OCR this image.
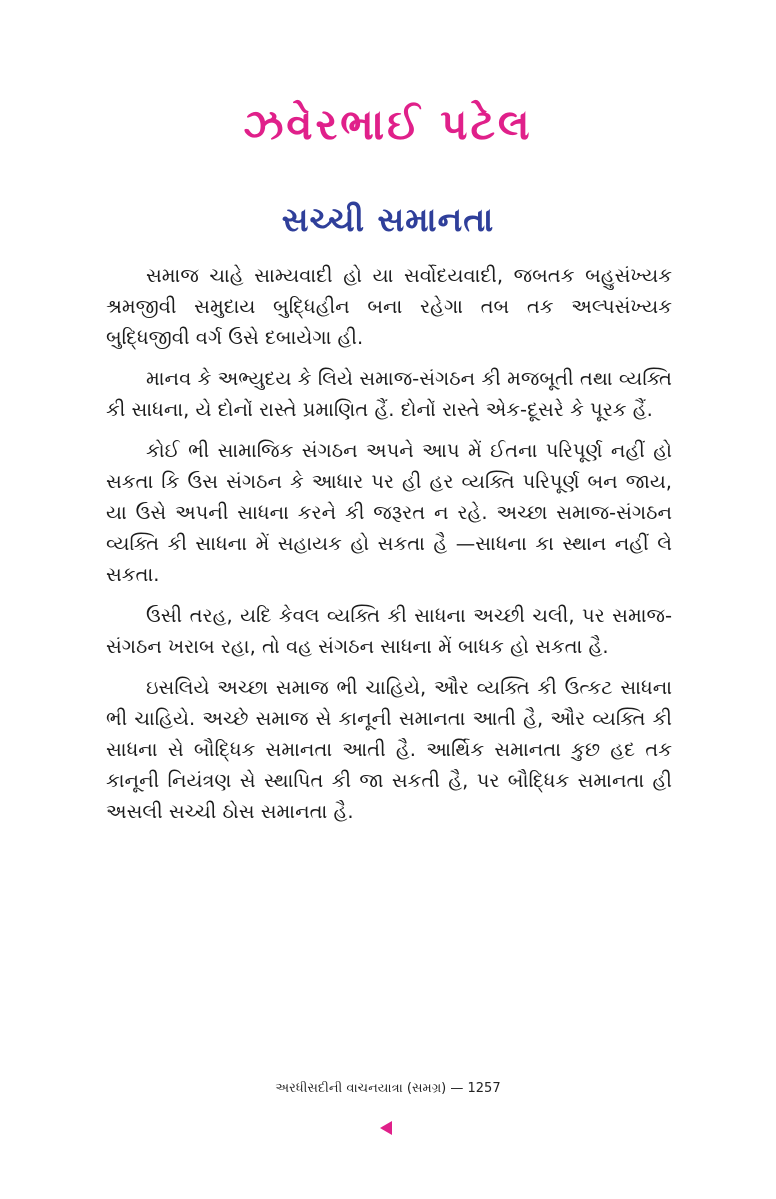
ઝવેરભાઈ પટેલ
સચ્ચી સમાનતા

સમાજ ચાહે સામ્યવાદી હો યા સર્વોદયવાદી, જબતક બહુસંખ્યક શ્રમજીવી સમુદાય બુદ્ધિહીન બના રહેગા તબ તક અલ્પસંખ્યક બુદ્ધિજીવી વર્ગ ઉસે દબાયેગા હી.

માનવ કે અભ્યુદય કે લિયે સમાજ-સંગઠન કી મજબૂતી તથા વ્યક્તિ કી સાધના, યે દોનોં રાસ્તે પ્રમાણિત હૈં. દોનોં રાસ્તે એક-દૂસરે કે પૂરક હૈં.

કોઈ ભી સામાજિક સંગઠન અપને આપ મેં ઈતના પરિપૂર્ણ નહીં હો સકતા કિ ઉસ સંગઠન કે આધાર પર હી હર વ્યક્તિ પરિપૂર્ણ બન જાય, યા ઉસે અપની સાધના કરને કી જરૂરત ન રહે. અચ્છા સમાજ-સંગઠન વ્યક્તિ કી સાધના મેં સહાયક હો સકતા હૈ —સાધના કા સ્થાન નહીં લે સકતા.

ઉસી તરહ, યદિ કેવલ વ્યક્તિ કી સાધના અચ્છી ચલી, પર સમાજ-સંગઠન ખરાબ રહા, તો વહ સંગઠન સાધના મેં બાધક હો સકતા હૈ.

ઇસલિયે અચ્છા સમાજ ભી ચાહિયે, ઔર વ્યક્તિ કી ઉત્કટ સાધના ભી ચાહિયે. અચ્છે સમાજ સે કાનૂની સમાનતા આતી હૈ, ઔર વ્યક્તિ કી સાધના સે બૌદ્ધિક સમાનતા આતી હૈ. આર્થિક સમાનતા કુછ હદ તક કાનૂની નિયંત્રણ સે સ્થાપિત કી જા સકતી હૈ, પર બૌદ્ધિક સમાનતા હી અસલી સચ્ચી ઠોસ સમાનતા હૈ.

અરધીસદીની વાચનયાત્રા (સમગ્ર) — 1257
